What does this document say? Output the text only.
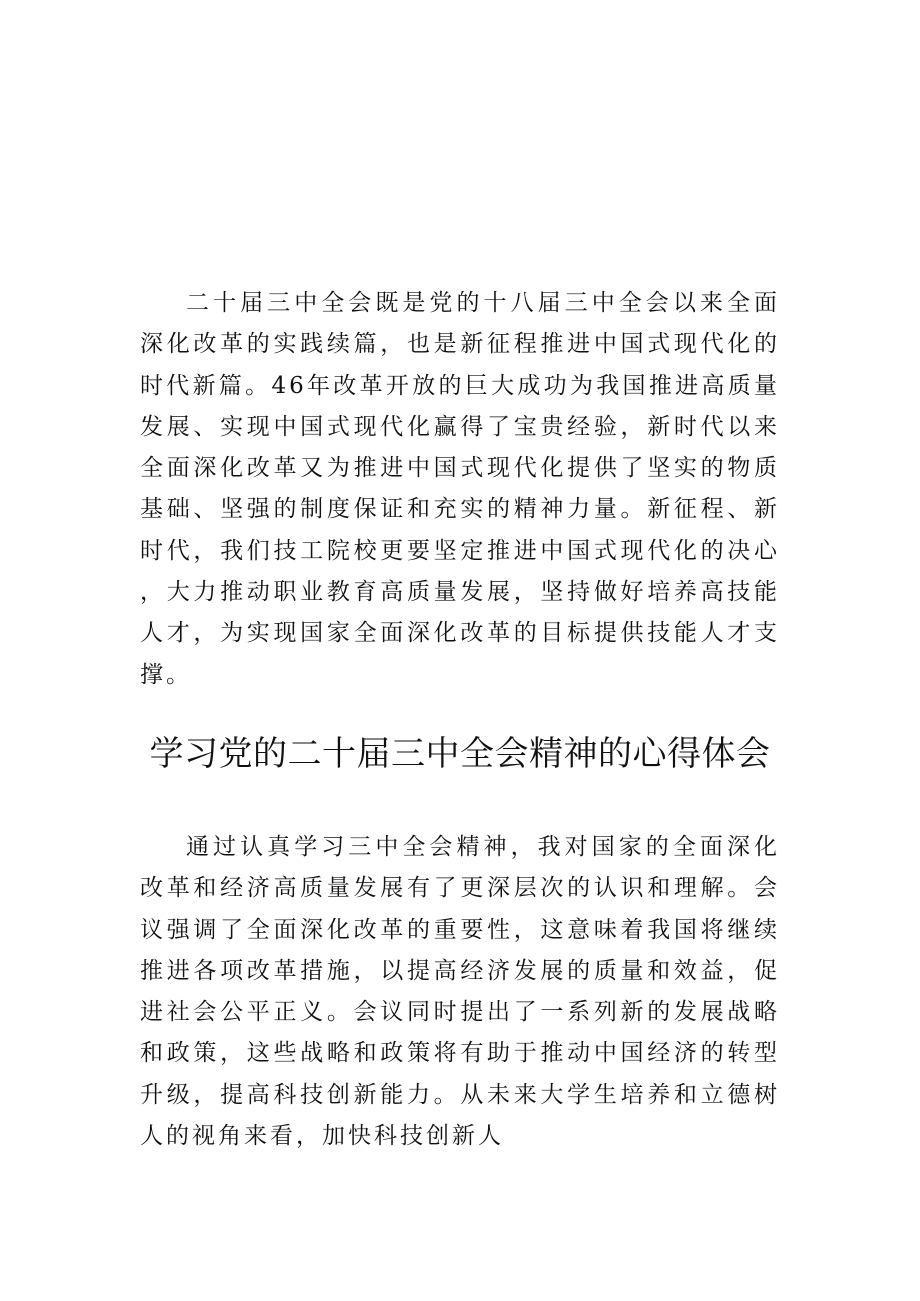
二十届三中全会既是党的十八届三中全会以来全面深化改革的实践续篇，也是新征程推进中国式现代化的时代新篇。46年改革开放的巨大成功为我国推进高质量发展、实现中国式现代化赢得了宝贵经验，新时代以来全面深化改革又为推进中国式现代化提供了坚实的物质基础、坚强的制度保证和充实的精神力量。新征程、新时代，我们技工院校更要坚定推进中国式现代化的决心，大力推动职业教育高质量发展，坚持做好培养高技能人才，为实现国家全面深化改革的目标提供技能人才支撑。

学习党的二十届三中全会精神的心得体会

通过认真学习三中全会精神，我对国家的全面深化改革和经济高质量发展有了更深层次的认识和理解。会议强调了全面深化改革的重要性，这意味着我国将继续推进各项改革措施，以提高经济发展的质量和效益，促进社会公平正义。会议同时提出了一系列新的发展战略和政策，这些战略和政策将有助于推动中国经济的转型升级，提高科技创新能力。从未来大学生培养和立德树人的视角来看，加快科技创新人
